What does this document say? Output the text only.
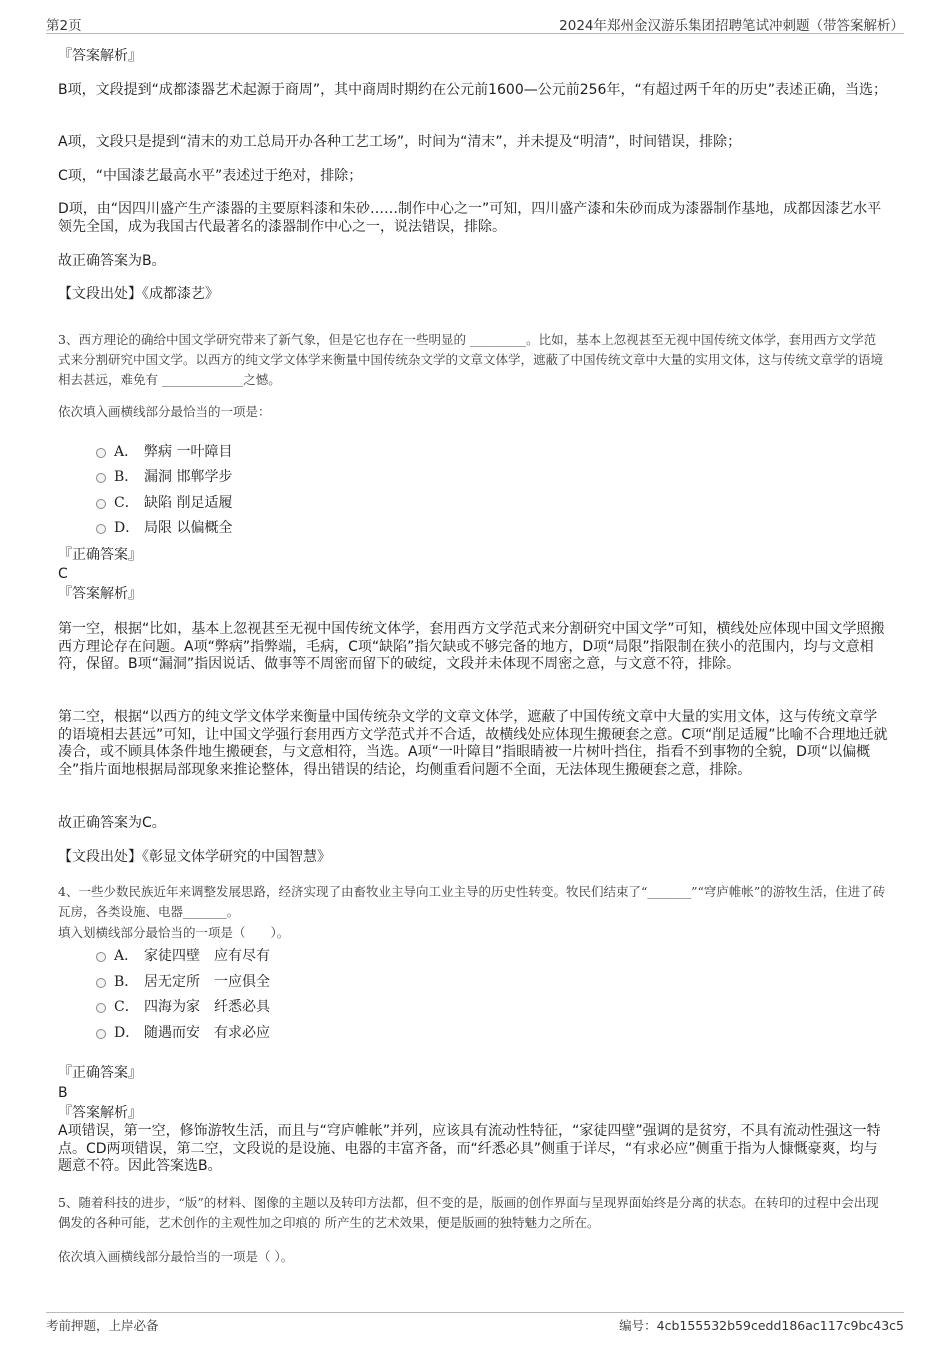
第2页	2024年郑州金汉游乐集团招聘笔试冲刺题（带答案解析）
『答案解析』
B项，文段提到“成都漆器艺术起源于商周”，其中商周时期约在公元前1600—公元前256年，“有超过两千年的历史”表述正确，当选；
A项，文段只是提到“清末的劝工总局开办各种工艺工场”，时间为“清末”，并未提及“明清”，时间错误，排除；
C项，“中国漆艺最高水平”表述过于绝对，排除；
D项，由“因四川盛产生产漆器的主要原料漆和朱砂……制作中心之一”可知，四川盛产漆和朱砂而成为漆器制作基地，成都因漆艺水平领先全国，成为我国古代最著名的漆器制作中心之一，说法错误，排除。
故正确答案为B。
【文段出处】《成都漆艺》
3、西方理论的确给中国文学研究带来了新气象，但是它也存在一些明显的 _________。比如，基本上忽视甚至无视中国传统文体学，套用西方文学范式来分割研究中国文学。以西方的纯文学文体学来衡量中国传统杂文学的文章文体学，遮蔽了中国传统文章中大量的实用文体，这与传统文章学的语境相去甚远，难免有 _____________之憾。
依次填入画横线部分最恰当的一项是：
A． 弊病 一叶障目
B． 漏洞 邯郸学步
C． 缺陷 削足适履
D． 局限 以偏概全
『正确答案』
C
『答案解析』
第一空，根据“比如，基本上忽视甚至无视中国传统文体学，套用西方文学范式来分割研究中国文学”可知，横线处应体现中国文学照搬西方理论存在问题。A项“弊病”指弊端，毛病，C项“缺陷”指欠缺或不够完备的地方，D项“局限”指限制在狭小的范围内，均与文意相符，保留。B项“漏洞”指因说话、做事等不周密而留下的破绽，文段并未体现不周密之意，与文意不符，排除。
第二空，根据“以西方的纯文学文体学来衡量中国传统杂文学的文章文体学，遮蔽了中国传统文章中大量的实用文体，这与传统文章学的语境相去甚远”可知，让中国文学强行套用西方文学范式并不合适，故横线处应体现生搬硬套之意。C项“削足适履”比喻不合理地迁就凑合，或不顾具体条件地生搬硬套，与文意相符，当选。A项“一叶障目”指眼睛被一片树叶挡住，指看不到事物的全貌，D项“以偏概全”指片面地根据局部现象来推论整体，得出错误的结论，均侧重看问题不全面，无法体现生搬硬套之意，排除。
故正确答案为C。
【文段出处】《彰显文体学研究的中国智慧》
4、一些少数民族近年来调整发展思路，经济实现了由畜牧业主导向工业主导的历史性转变。牧民们结束了“_______”“穹庐帷帐”的游牧生活，住进了砖瓦房，各类设施、电器_______。
填入划横线部分最恰当的一项是（　　）。
A． 家徒四壁　应有尽有
B． 居无定所　一应俱全
C． 四海为家　纤悉必具
D． 随遇而安　有求必应
『正确答案』
B
『答案解析』
A项错误，第一空，修饰游牧生活，而且与“穹庐帷帐”并列，应该具有流动性特征，“家徒四壁”强调的是贫穷，不具有流动性强这一特点。CD两项错误，第二空，文段说的是设施、电器的丰富齐备，而“纤悉必具”侧重于详尽，“有求必应”侧重于指为人慷慨豪爽，均与题意不符。因此答案选B。
5、随着科技的进步，“版”的材料、图像的主题以及转印方法都，但不变的是，版画的创作界面与呈现界面始终是分离的状态。在转印的过程中会出现偶发的各种可能，艺术创作的主观性加之印痕的 所产生的艺术效果，便是版画的独特魅力之所在。
依次填入画横线部分最恰当的一项是（ ）。
考前押题，上岸必备	编号：4cb155532b59cedd186ac117c9bc43c5
